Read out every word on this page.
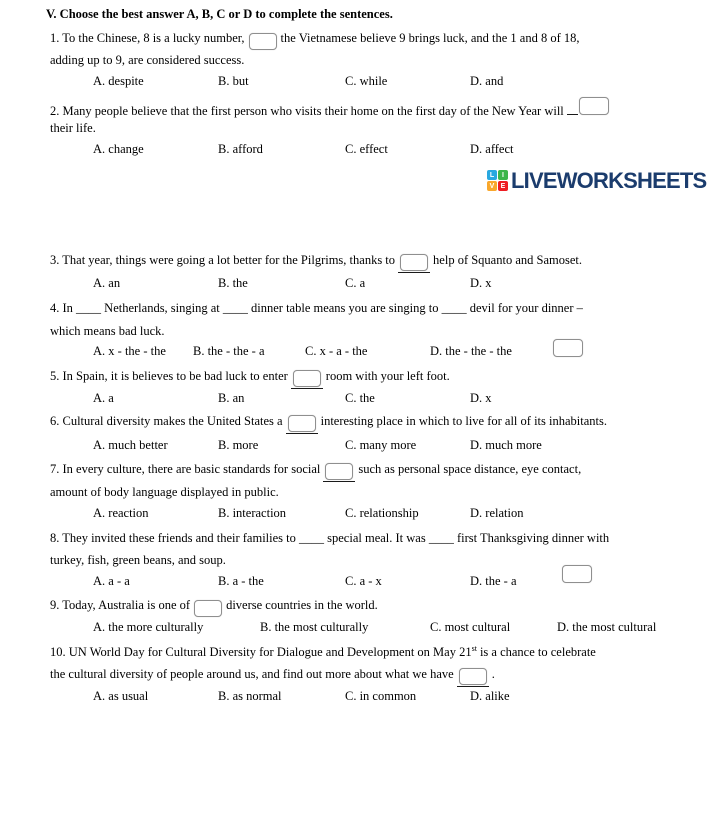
V. Choose the best answer A, B, C or D to complete the sentences.
1. To the Chinese, 8 is a lucky number,	the Vietnamese believe 9 brings luck, and the 1 and 8 of 18,
adding up to 9, are considered success.
A. despite	B. but	C. while	D. and
2. Many people believe that the first person who visits their home on the first day of the New Year will
their life.
A. change	B. afford	C. effect	D. affect
L	I
V E LIVEWORKSHEETS
3. That year, things were going a lot better for the Pilgrims, thanks to	help of Squanto and Samoset.
A. an	B. the	C. a	D. x
4. In ____ Netherlands, singing at ____ dinner table means you are singing to ____ devil for your dinner –
which means bad luck.
A. x - the - the B. the - the - a	C. x - a - the	D. the - the - the
5. In Spain, it is believes to be bad luck to enter	room with your left foot.
A. a	B. an	C. the	D. x
6. Cultural diversity makes the United States a	interesting place in which to live for all of its inhabitants.
A. much better	B. more	C. many more	D. much more
7. In every culture, there are basic standards for social	such as personal space distance, eye contact,
amount of body language displayed in public.
A. reaction	B. interaction	C. relationship	D. relation
8. They invited these friends and their families to ____ special meal. It was ____ first Thanksgiving dinner with
turkey, fish, green beans, and soup.
A. a - a	B. a - the	C. a - x	D. the - a
9. Today, Australia is one of	diverse countries in the world.
A. the more culturally	B. the most culturally	C. most cultural	D. the most cultural
10. UN World Day for Cultural Diversity for Dialogue and Development on May 21st is a chance to celebrate
the cultural diversity of people around us, and find out more about what we have	.
A. as usual	B. as normal	C. in common	D. alike
